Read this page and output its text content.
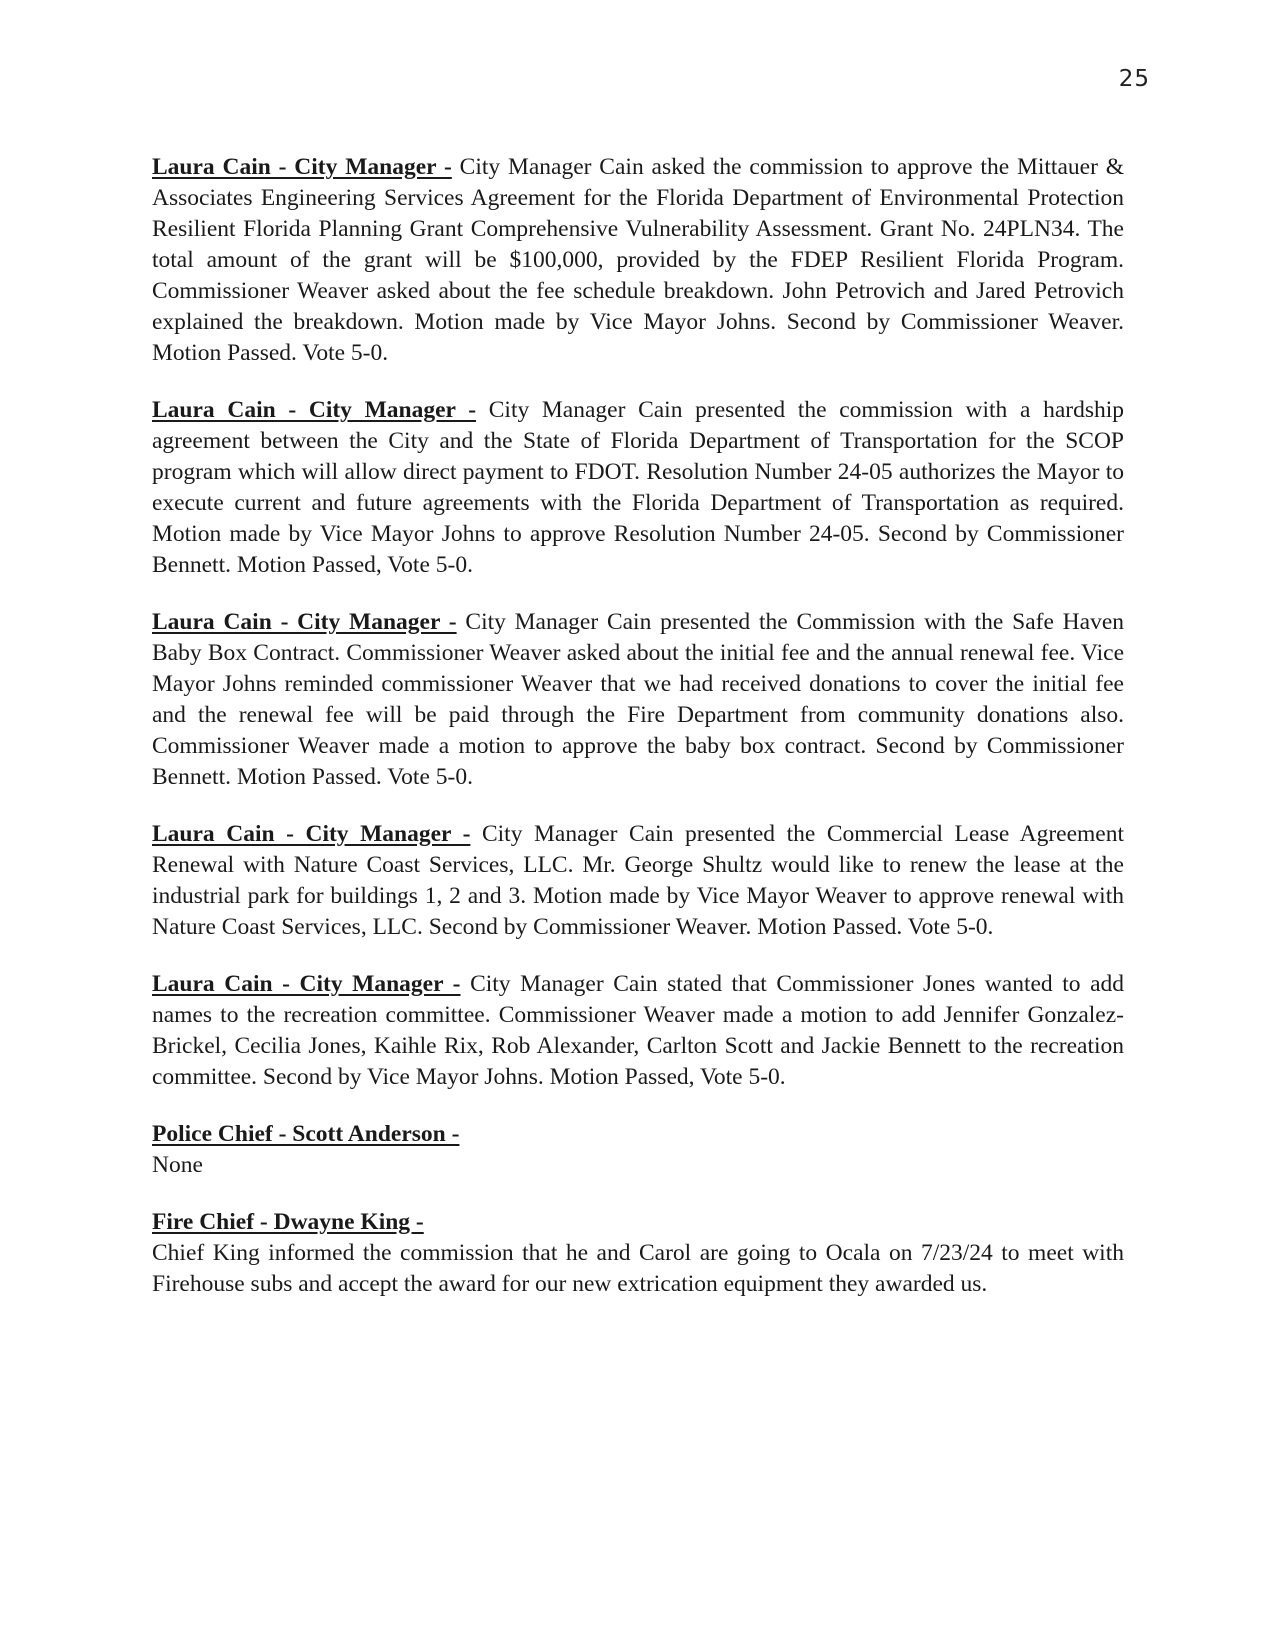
25

Laura Cain - City Manager - City Manager Cain asked the commission to approve the Mittauer & Associates Engineering Services Agreement for the Florida Department of Environmental Protection Resilient Florida Planning Grant Comprehensive Vulnerability Assessment. Grant No. 24PLN34. The total amount of the grant will be $100,000, provided by the FDEP Resilient Florida Program. Commissioner Weaver asked about the fee schedule breakdown. John Petrovich and Jared Petrovich explained the breakdown. Motion made by Vice Mayor Johns. Second by Commissioner Weaver. Motion Passed. Vote 5-0.

Laura Cain - City Manager - City Manager Cain presented the commission with a hardship agreement between the City and the State of Florida Department of Transportation for the SCOP program which will allow direct payment to FDOT. Resolution Number 24-05 authorizes the Mayor to execute current and future agreements with the Florida Department of Transportation as required. Motion made by Vice Mayor Johns to approve Resolution Number 24-05. Second by Commissioner Bennett. Motion Passed, Vote 5-0.

Laura Cain - City Manager - City Manager Cain presented the Commission with the Safe Haven Baby Box Contract. Commissioner Weaver asked about the initial fee and the annual renewal fee. Vice Mayor Johns reminded commissioner Weaver that we had received donations to cover the initial fee and the renewal fee will be paid through the Fire Department from community donations also. Commissioner Weaver made a motion to approve the baby box contract. Second by Commissioner Bennett. Motion Passed. Vote 5-0.

Laura Cain - City Manager - City Manager Cain presented the Commercial Lease Agreement Renewal with Nature Coast Services, LLC. Mr. George Shultz would like to renew the lease at the industrial park for buildings 1, 2 and 3. Motion made by Vice Mayor Weaver to approve renewal with Nature Coast Services, LLC. Second by Commissioner Weaver. Motion Passed. Vote 5-0.

Laura Cain - City Manager - City Manager Cain stated that Commissioner Jones wanted to add names to the recreation committee. Commissioner Weaver made a motion to add Jennifer Gonzalez-Brickel, Cecilia Jones, Kaihle Rix, Rob Alexander, Carlton Scott and Jackie Bennett to the recreation committee. Second by Vice Mayor Johns. Motion Passed, Vote 5-0.

Police Chief - Scott Anderson -
None
Fire Chief - Dwayne King -
Chief King informed the commission that he and Carol are going to Ocala on 7/23/24 to meet with Firehouse subs and accept the award for our new extrication equipment they awarded us.
